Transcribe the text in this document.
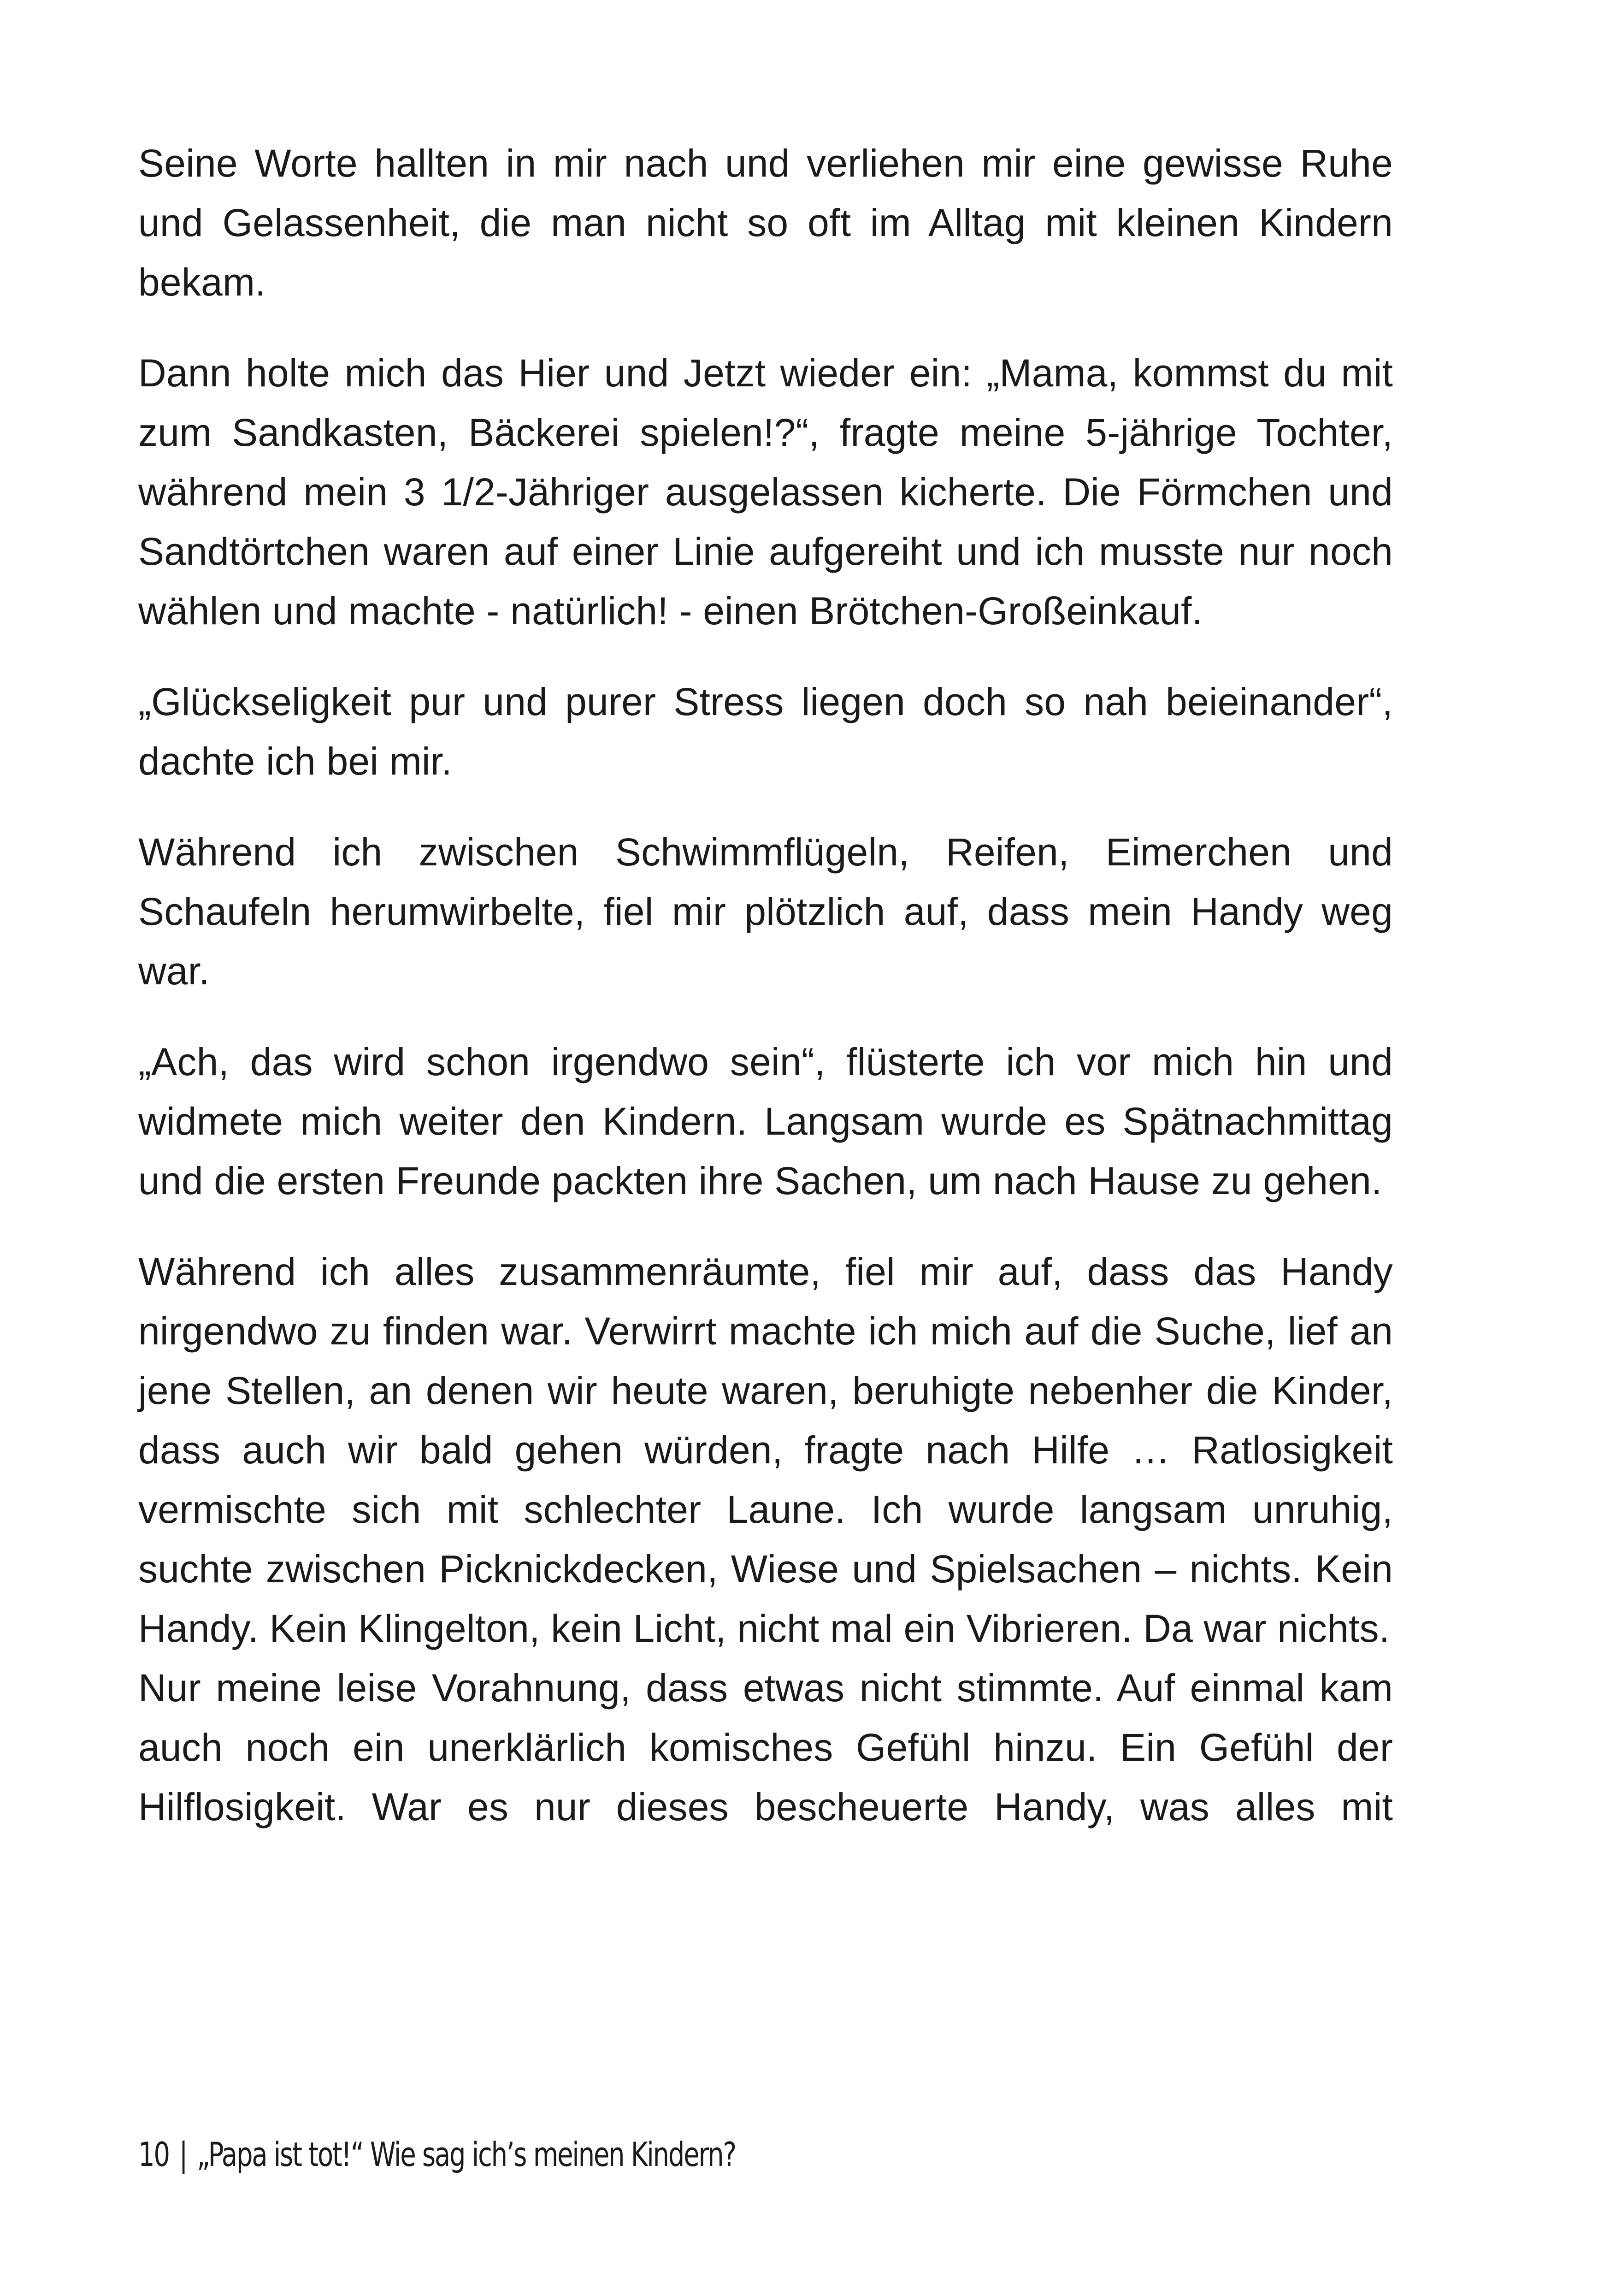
Seine Worte hallten in mir nach und verliehen mir eine gewisse Ruhe und Gelassenheit, die man nicht so oft im Alltag mit kleinen Kindern bekam.

Dann holte mich das Hier und Jetzt wieder ein: „Mama, kommst du mit zum Sandkasten, Bäckerei spielen!?“, fragte meine 5-jährige Tochter, während mein 3 1/2-Jähriger ausgelassen kicherte. Die Förmchen und Sandtörtchen waren auf einer Linie aufgereiht und ich musste nur noch wählen und machte - natürlich! - einen Brötchen-Großeinkauf.

„Glückseligkeit pur und purer Stress liegen doch so nah beieinander“, dachte ich bei mir.

Während ich zwischen Schwimmflügeln, Reifen, Eimerchen und Schaufeln herumwirbelte, fiel mir plötzlich auf, dass mein Handy weg war.

„Ach, das wird schon irgendwo sein“, flüsterte ich vor mich hin und widmete mich weiter den Kindern. Langsam wurde es Spätnachmittag und die ersten Freunde packten ihre Sachen, um nach Hause zu gehen.

Während ich alles zusammenräumte, fiel mir auf, dass das Handy nirgendwo zu finden war. Verwirrt machte ich mich auf die Suche, lief an jene Stellen, an denen wir heute waren, beruhigte nebenher die Kinder, dass auch wir bald gehen würden, fragte nach Hilfe … Ratlosigkeit vermischte sich mit schlechter Laune. Ich wurde langsam unruhig, suchte zwischen Picknickdecken, Wiese und Spielsachen – nichts. Kein Handy. Kein Klingelton, kein Licht, nicht mal ein Vibrieren. Da war nichts.

Nur meine leise Vorahnung, dass etwas nicht stimmte. Auf einmal kam auch noch ein unerklärlich komisches Gefühl hinzu. Ein Gefühl der Hilflosigkeit. War es nur dieses bescheuerte Handy, was alles mit

10 | „Papa ist tot!“ Wie sag ich’s meinen Kindern?
